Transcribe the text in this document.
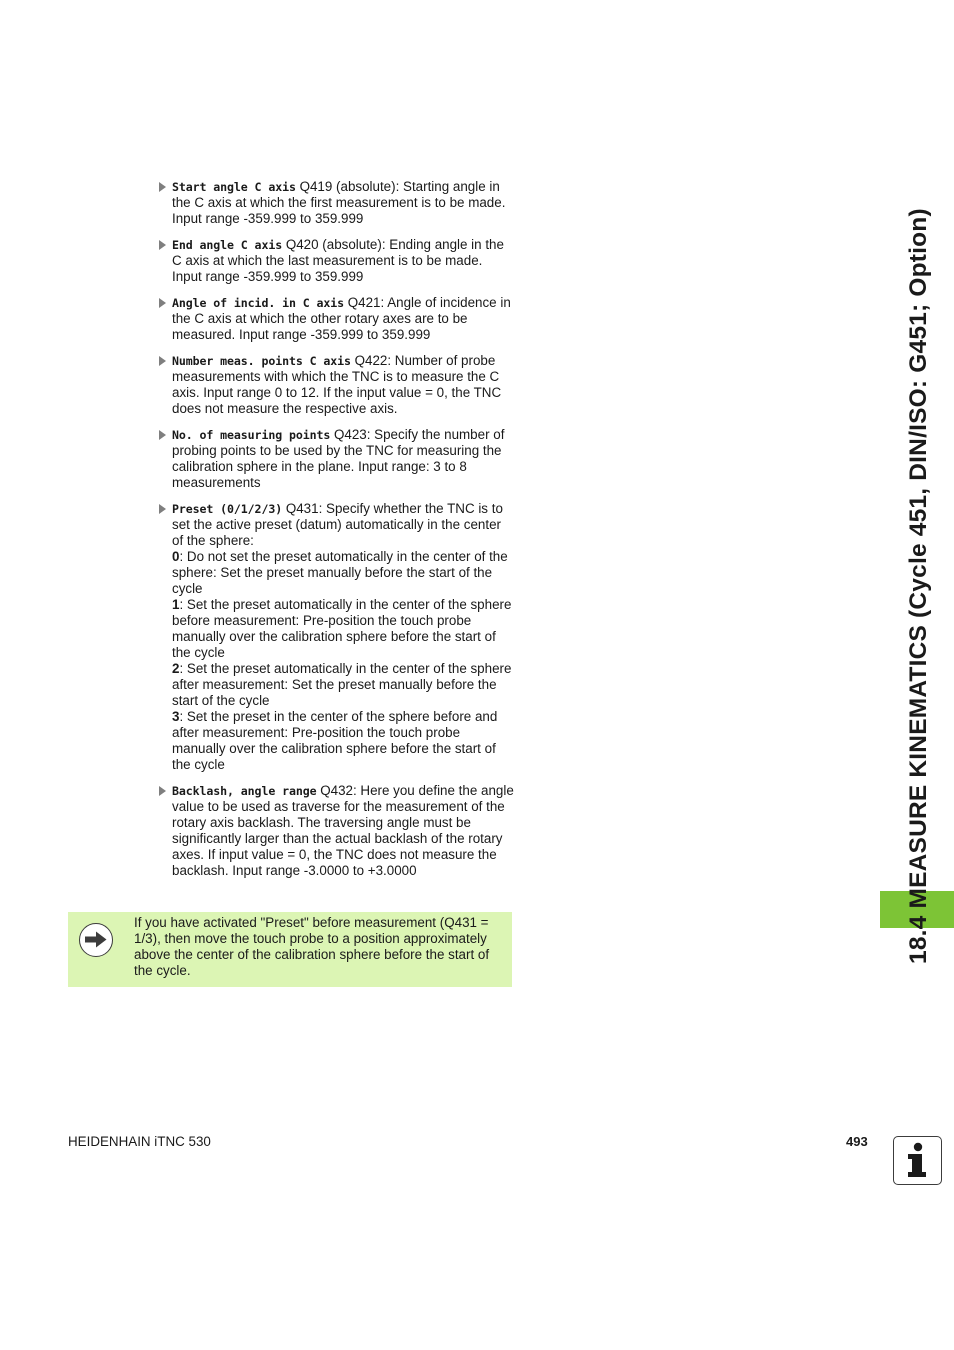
Start angle C axis Q419 (absolute): Starting angle in the C axis at which the first measurement is to be made. Input range -359.999 to 359.999
End angle C axis Q420 (absolute): Ending angle in the C axis at which the last measurement is to be made. Input range -359.999 to 359.999
Angle of incid. in C axis Q421: Angle of incidence in the C axis at which the other rotary axes are to be measured. Input range -359.999 to 359.999
Number meas. points C axis Q422: Number of probe measurements with which the TNC is to measure the C axis. Input range 0 to 12. If the input value = 0, the TNC does not measure the respective axis.
No. of measuring points Q423: Specify the number of probing points to be used by the TNC for measuring the calibration sphere in the plane. Input range: 3 to 8 measurements
Preset (0/1/2/3) Q431: Specify whether the TNC is to set the active preset (datum) automatically in the center of the sphere:
0: Do not set the preset automatically in the center of the sphere: Set the preset manually before the start of the cycle
1: Set the preset automatically in the center of the sphere before measurement: Pre-position the touch probe manually over the calibration sphere before the start of the cycle
2: Set the preset automatically in the center of the sphere after measurement: Set the preset manually before the start of the cycle
3: Set the preset in the center of the sphere before and after measurement: Pre-position the touch probe manually over the calibration sphere before the start of the cycle
Backlash, angle range Q432: Here you define the angle value to be used as traverse for the measurement of the rotary axis backlash. The traversing angle must be significantly larger than the actual backlash of the rotary axes. If input value = 0, the TNC does not measure the backlash. Input range -3.0000 to +3.0000
If you have activated "Preset" before measurement (Q431 = 1/3), then move the touch probe to a position approximately above the center of the calibration sphere before the start of the cycle.
18.4 MEASURE KINEMATICS (Cycle 451, DIN/ISO: G451; Option)
HEIDENHAIN iTNC 530	493
